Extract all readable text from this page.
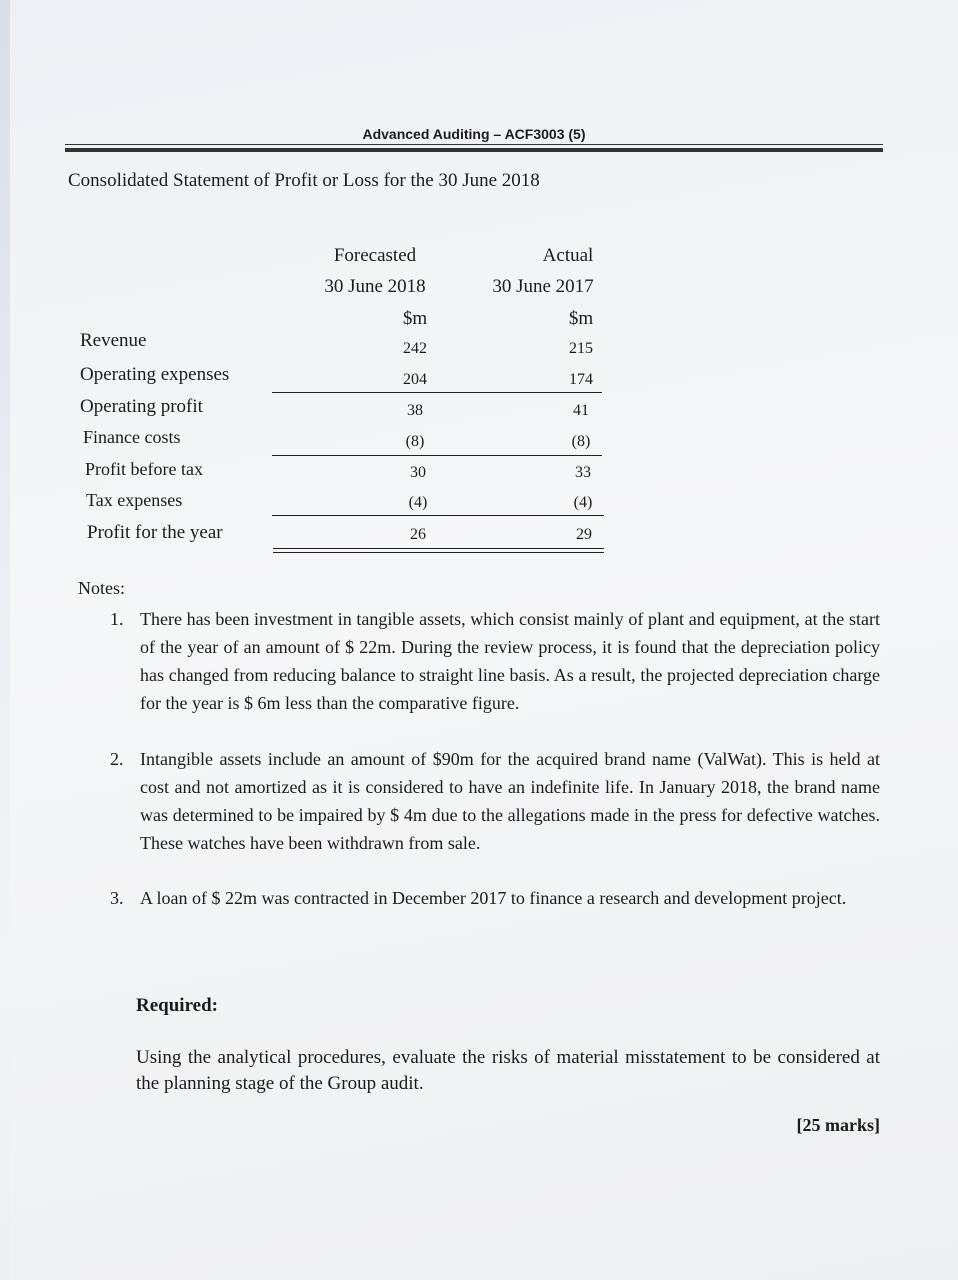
Advanced Auditing – ACF3003 (5)
Consolidated Statement of Profit or Loss for the 30 June 2018
Forecasted
30 June 2018
$m
Actual
30 June 2017
$m
Revenue	242	215
Operating expenses	204	174
Operating profit	38	41
Finance costs	(8)	(8)
Profit before tax	30	33
Tax expenses	(4)	(4)
Profit for the year	26	29
Notes:
1. There has been investment in tangible assets, which consist mainly of plant and equipment, at the start of the year of an amount of $ 22m. During the review process, it is found that the depreciation policy has changed from reducing balance to straight line basis. As a result, the projected depreciation charge for the year is $ 6m less than the comparative figure.
2. Intangible assets include an amount of $90m for the acquired brand name (ValWat). This is held at cost and not amortized as it is considered to have an indefinite life. In January 2018, the brand name was determined to be impaired by $ 4m due to the allegations made in the press for defective watches. These watches have been withdrawn from sale.
3. A loan of $ 22m was contracted in December 2017 to finance a research and development project.
Required:
Using the analytical procedures, evaluate the risks of material misstatement to be considered at the planning stage of the Group audit.
[25 marks]
